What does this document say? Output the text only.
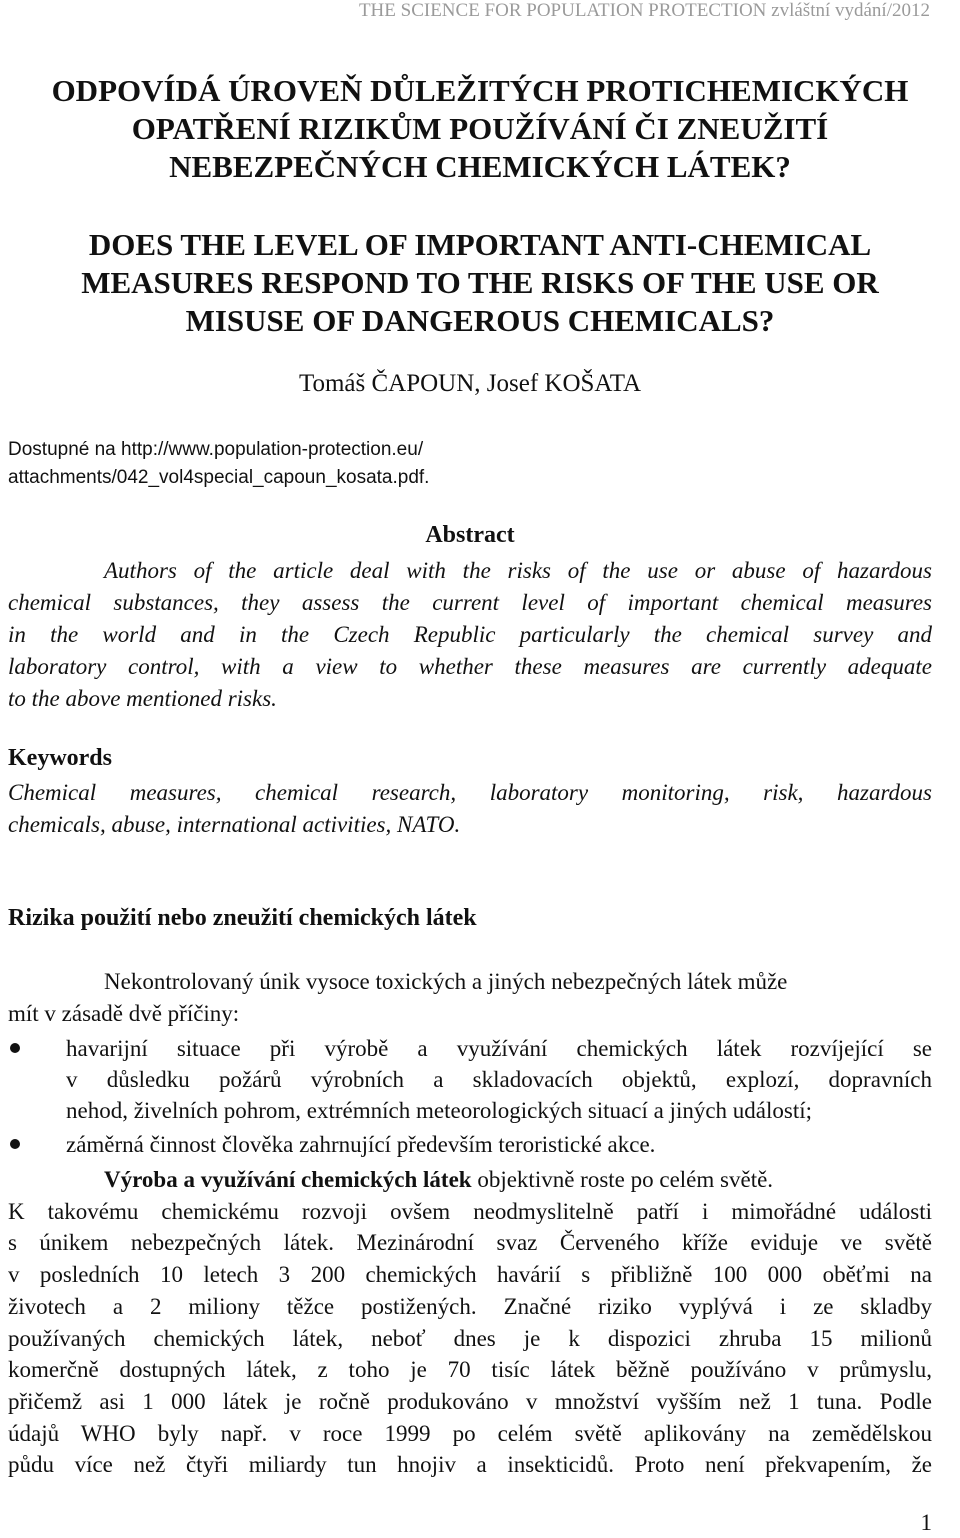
THE SCIENCE FOR POPULATION PROTECTION zvláštní vydání/2012
ODPOVÍDÁ ÚROVEŇ DŮLEŽITÝCH PROTICHEMICKÝCH
OPATŘENÍ RIZIKŮM POUŽÍVÁNÍ ČI ZNEUŽITÍ
NEBEZPEČNÝCH CHEMICKÝCH LÁTEK?
DOES THE LEVEL OF IMPORTANT ANTI-CHEMICAL
MEASURES RESPOND TO THE RISKS OF THE USE OR
MISUSE OF DANGEROUS CHEMICALS?
Tomáš ČAPOUN, Josef KOŠATA
Dostupné na http://www.population-protection.eu/
attachments/042_vol4special_capoun_kosata.pdf.
Abstract
Authors of the article deal with the risks of the use or abuse of hazardous
chemical substances, they assess the current level of important chemical measures
in the world and in the Czech Republic particularly the chemical survey and
laboratory control, with a view to whether these measures are currently adequate
to the above mentioned risks.
Keywords
Chemical measures, chemical research, laboratory monitoring, risk, hazardous
chemicals, abuse, international activities, NATO.
Rizika použití nebo zneužití chemických látek
Nekontrolovaný únik vysoce toxických a jiných nebezpečných látek může
mít v zásadě dvě příčiny:
havarijní situace při výrobě a využívání chemických látek rozvíjející se
v důsledku požárů výrobních a skladovacích objektů, explozí, dopravních
nehod, živelních pohrom, extrémních meteorologických situací a jiných událostí;
záměrná činnost člověka zahrnující především teroristické akce.
Výroba a využívání chemických látek objektivně roste po celém světě.
K takovému chemickému rozvoji ovšem neodmyslitelně patří i mimořádné události
s únikem nebezpečných látek. Mezinárodní svaz Červeného kříže eviduje ve světě
v posledních 10 letech 3 200 chemických havárií s přibližně 100 000 oběťmi na
životech a 2 miliony těžce postižených. Značné riziko vyplývá i ze skladby
používaných chemických látek, neboť dnes je k dispozici zhruba 15 milionů
komerčně dostupných látek, z toho je 70 tisíc látek běžně používáno v průmyslu,
přičemž asi 1 000 látek je ročně produkováno v množství vyšším než 1 tuna. Podle
údajů WHO byly např. v roce 1999 po celém světě aplikovány na zemědělskou
půdu více než čtyři miliardy tun hnojiv a insekticidů. Proto není překvapením, že
1
